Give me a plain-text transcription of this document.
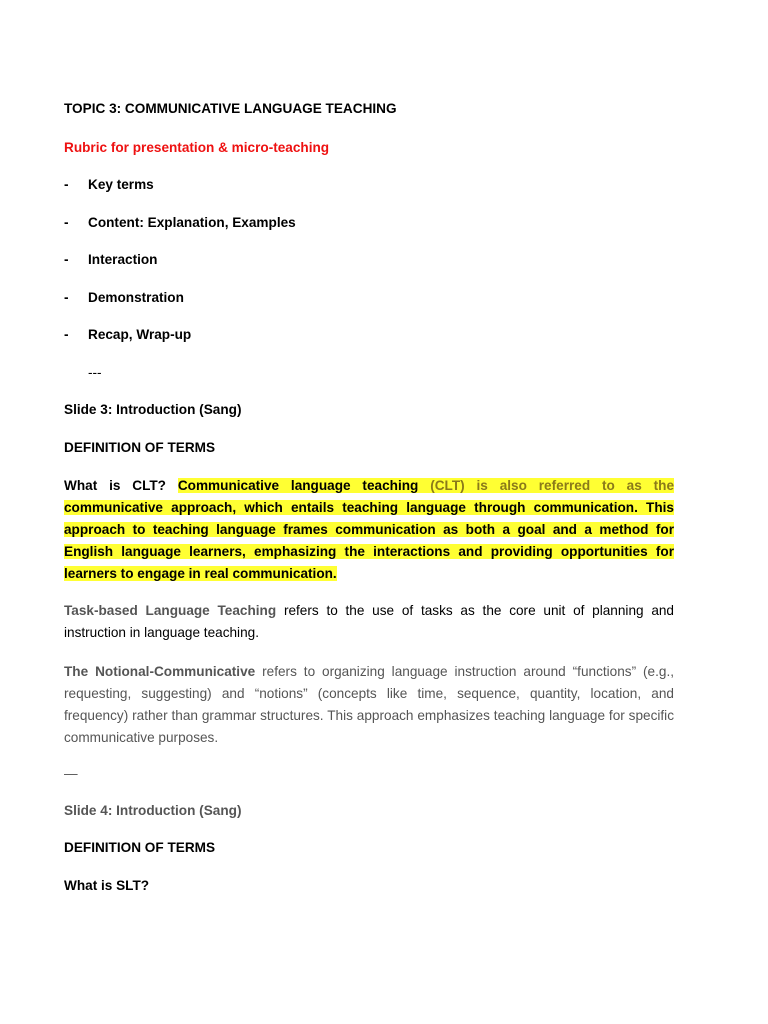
TOPIC 3: COMMUNICATIVE LANGUAGE TEACHING
Rubric for presentation & micro-teaching
- Key terms
- Content: Explanation, Examples
- Interaction
- Demonstration
- Recap, Wrap-up
---
Slide 3: Introduction (Sang)
DEFINITION OF TERMS
What is CLT? Communicative language teaching (CLT) is also referred to as the communicative approach, which entails teaching language through communication. This approach to teaching language frames communication as both a goal and a method for English language learners, emphasizing the interactions and providing opportunities for learners to engage in real communication.
Task-based Language Teaching refers to the use of tasks as the core unit of planning and instruction in language teaching.
The Notional-Communicative refers to organizing language instruction around “functions” (e.g., requesting, suggesting) and “notions” (concepts like time, sequence, quantity, location, and frequency) rather than grammar structures. This approach emphasizes teaching language for specific communicative purposes.
—
Slide 4: Introduction (Sang)
DEFINITION OF TERMS
What is SLT?
